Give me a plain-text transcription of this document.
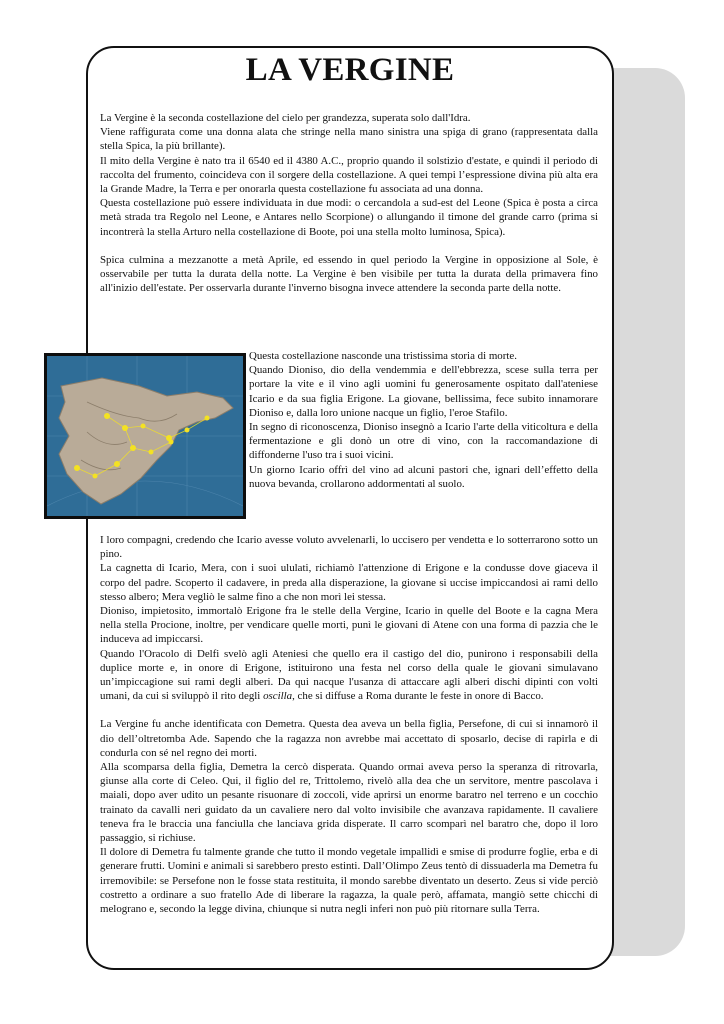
LA VERGINE

La Vergine è la seconda costellazione del cielo per grandezza, superata solo dall'Idra.

Viene raffigurata come una donna alata che stringe nella mano sinistra una spiga di grano (rappresentata dalla stella Spica, la più brillante).

Il mito della Vergine è nato tra il 6540 ed il 4380 A.C., proprio quando il solstizio d'estate, e quindi il periodo di raccolta del frumento, coincideva con il sorgere della costellazione. A quei tempi l’espressione divina più alta era la Grande Madre, la Terra e per onorarla questa costellazione fu associata ad una donna.

Questa costellazione può essere individuata in due modi: o cercandola a sud-est del Leone (Spica è posta a circa metà strada tra Regolo nel Leone, e Antares nello Scorpione) o allungando il timone del grande carro (prima si incontrerà la stella Arturo nella costellazione di Boote, poi una stella molto luminosa, Spica).

Spica culmina a mezzanotte a metà Aprile, ed essendo in quel periodo la Vergine in opposizione al Sole, è osservabile per tutta la durata della notte. La Vergine è ben visibile per tutta la durata della primavera fino all'inizio dell'estate. Per osservarla durante l'inverno bisogna invece attendere la seconda parte della notte.

Questa costellazione nasconde una tristissima storia di morte.

Quando Dioniso, dio della vendemmia e dell'ebbrezza, scese sulla terra per portare la vite e il vino agli uomini fu generosamente ospitato dall'ateniese Icario e da sua figlia Erigone. La giovane, bellissima, fece subito innamorare Dioniso e, dalla loro unione nacque un figlio, l'eroe Stafilo.

In segno di riconoscenza, Dioniso insegnò a Icario l'arte della viticoltura e della fermentazione e gli donò un otre di vino, con la raccomandazione di diffonderne l'uso tra i suoi vicini.

Un giorno Icario offrì del vino ad alcuni pastori che, ignari dell’effetto della nuova bevanda, crollarono addormentati al suolo.

I loro compagni, credendo che Icario avesse voluto avvelenarli, lo uccisero per vendetta e lo sotterrarono sotto un pino.

La cagnetta di Icario, Mera, con i suoi ululati, richiamò l'attenzione di Erigone e la condusse dove giaceva il corpo del padre. Scoperto il cadavere, in preda alla disperazione, la giovane si uccise impiccandosi ai rami dello stesso albero; Mera vegliò le salme fino a che non morì lei stessa.

Dioniso, impietosito, immortalò Erigone fra le stelle della Vergine, Icario in quelle del Boote e la cagna Mera nella stella Procione, inoltre, per vendicare quelle morti, punì le giovani di Atene con una forma di pazzia che le induceva ad impiccarsi.

Quando l'Oracolo di Delfi svelò agli Ateniesi che quello era il castigo del dio, punirono i responsabili della duplice morte e, in onore di Erigone, istituirono una festa nel corso della quale le giovani simulavano un’impiccagione sui rami degli alberi. Da qui nacque l'usanza di attaccare agli alberi dischi dipinti con volti umani, da cui si sviluppò il rito degli oscilla, che si diffuse a Roma durante le feste in onore di Bacco.

La Vergine fu anche identificata con Demetra. Questa dea aveva un bella figlia, Persefone, di cui si innamorò il dio dell’oltretomba Ade. Sapendo che la ragazza non avrebbe mai accettato di sposarlo, decise di rapirla e di condurla con sé nel regno dei morti.

Alla scomparsa della figlia, Demetra la cercò disperata. Quando ormai aveva perso la speranza di ritrovarla, giunse alla corte di Celeo. Qui, il figlio del re, Trittolemo, rivelò alla dea che un servitore, mentre pascolava i maiali, dopo aver udito un pesante risuonare di zoccoli, vide aprirsi un enorme baratro nel terreno e un cocchio trainato da cavalli neri guidato da un cavaliere nero dal volto invisibile che avanzava rapidamente. Il cavaliere teneva fra le braccia una fanciulla che lanciava grida disperate. Il carro scomparì nel baratro che, dopo il loro passaggio, si richiuse.

Il dolore di Demetra fu talmente grande che tutto il mondo vegetale impallidì e smise di produrre foglie, erba e di generare frutti. Uomini e animali si sarebbero presto estinti. Dall’Olimpo Zeus tentò di dissuaderla ma Demetra fu irremovibile: se Persefone non le fosse stata restituita, il mondo sarebbe diventato un deserto. Zeus si vide perciò costretto a ordinare a suo fratello Ade di liberare la ragazza, la quale però, affamata, mangiò sette chicchi di melograno e, secondo la legge divina, chiunque si nutra negli inferi non può più ritornare sulla Terra.
